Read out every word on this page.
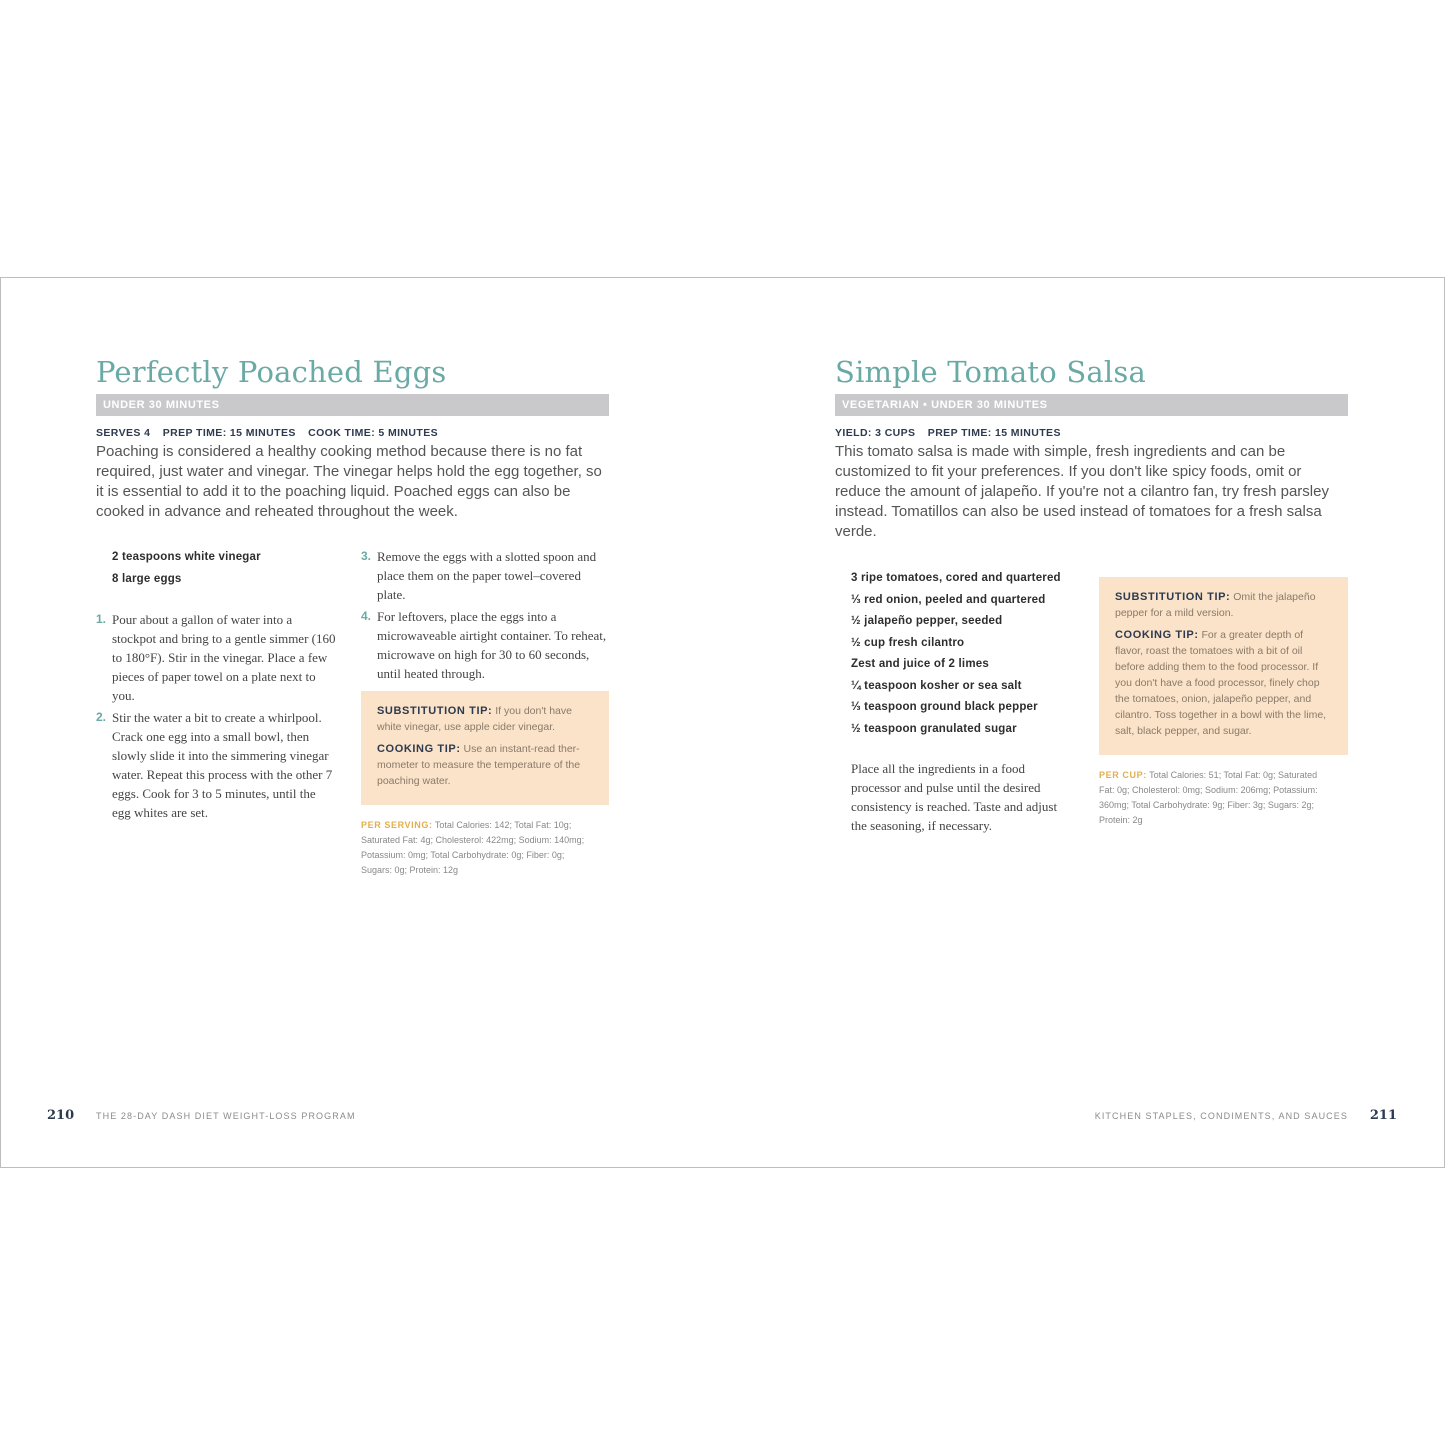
Perfectly Poached Eggs
UNDER 30 MINUTES
SERVES 4 PREP TIME: 15 MINUTES COOK TIME: 5 MINUTES
Poaching is considered a healthy cooking method because there is no fat required, just water and vinegar. The vinegar helps hold the egg together, so it is essential to add it to the poaching liquid. Poached eggs can also be cooked in advance and reheated throughout the week.
2 teaspoons white vinegar
8 large eggs
1. Pour about a gallon of water into a stockpot and bring to a gentle simmer (160 to 180°F). Stir in the vinegar. Place a few pieces of paper towel on a plate next to you.
2. Stir the water a bit to create a whirlpool. Crack one egg into a small bowl, then slowly slide it into the simmering vinegar water. Repeat this process with the other 7 eggs. Cook for 3 to 5 minutes, until the egg whites are set.
3. Remove the eggs with a slotted spoon and place them on the paper towel–covered plate.
4. For leftovers, place the eggs into a microwaveable airtight container. To reheat, microwave on high for 30 to 60 seconds, until heated through.

SUBSTITUTION TIP: If you don't have white vinegar, use apple cider vinegar.

COOKING TIP: Use an instant-read ther-mometer to measure the temperature of the poaching water.

PER SERVING: Total Calories: 142; Total Fat: 10g; Saturated Fat: 4g; Cholesterol: 422mg; Sodium: 140mg; Potassium: 0mg; Total Carbohydrate: 0g; Fiber: 0g; Sugars: 0g; Protein: 12g
Simple Tomato Salsa
VEGETARIAN • UNDER 30 MINUTES
YIELD: 3 CUPS PREP TIME: 15 MINUTES
This tomato salsa is made with simple, fresh ingredients and can be customized to fit your preferences. If you don't like spicy foods, omit or reduce the amount of jalapeño. If you're not a cilantro fan, try fresh parsley instead. Tomatillos can also be used instead of tomatoes for a fresh salsa verde.
3 ripe tomatoes, cored and quartered
⅓ red onion, peeled and quartered
½ jalapeño pepper, seeded
½ cup fresh cilantro
Zest and juice of 2 limes
¼ teaspoon kosher or sea salt
⅓ teaspoon ground black pepper
½ teaspoon granulated sugar
Place all the ingredients in a food processor and pulse until the desired consistency is reached. Taste and adjust the seasoning, if necessary.

SUBSTITUTION TIP: Omit the jalapeño pepper for a mild version.

COOKING TIP: For a greater depth of flavor, roast the tomatoes with a bit of oil before adding them to the food processor. If you don't have a food processor, finely chop the tomatoes, onion, jalapeño pepper, and cilantro. Toss together in a bowl with the lime, salt, black pepper, and sugar.

PER CUP: Total Calories: 51; Total Fat: 0g; Saturated Fat: 0g; Cholesterol: 0mg; Sodium: 206mg; Potassium: 360mg; Total Carbohydrate: 9g; Fiber: 3g; Sugars: 2g; Protein: 2g
210 THE 28-DAY DASH DIET WEIGHT-LOSS PROGRAM	KITCHEN STAPLES, CONDIMENTS, AND SAUCES 211
